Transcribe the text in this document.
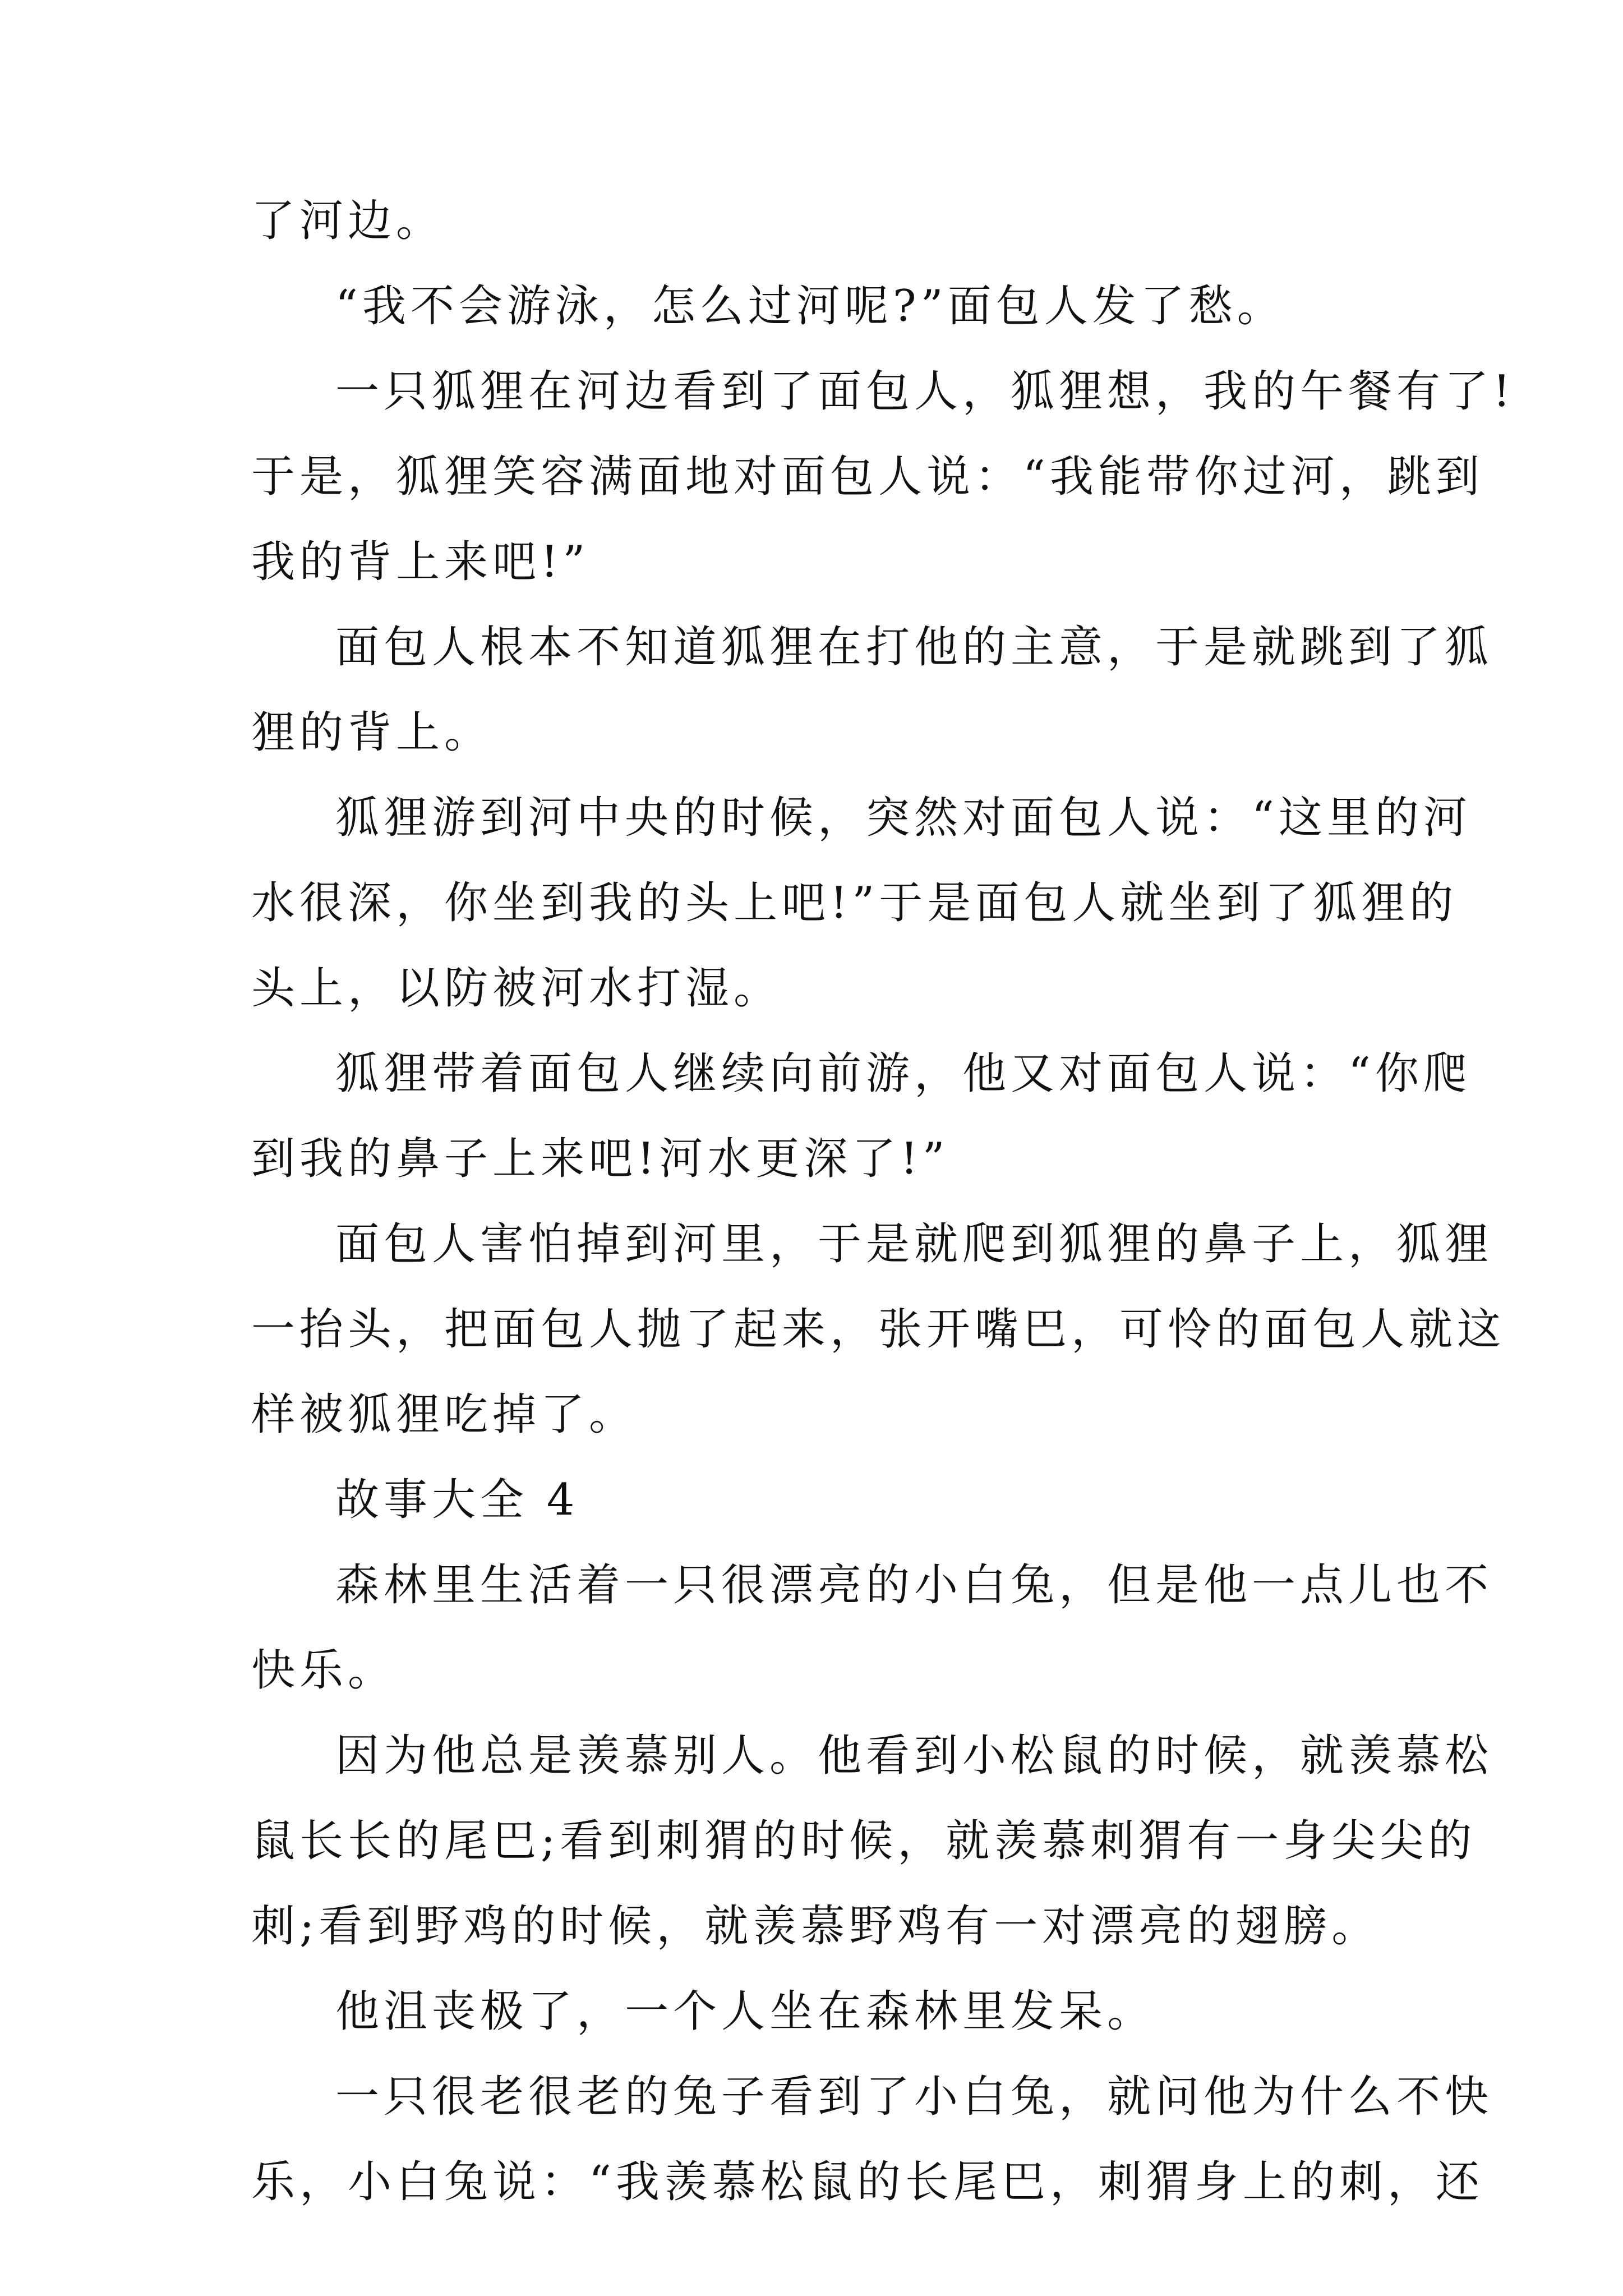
了河边。
“我不会游泳，怎么过河呢?”面包人发了愁。
一只狐狸在河边看到了面包人，狐狸想，我的午餐有了!
于是，狐狸笑容满面地对面包人说：“我能带你过河，跳到
我的背上来吧!”
面包人根本不知道狐狸在打他的主意，于是就跳到了狐
狸的背上。
狐狸游到河中央的时候，突然对面包人说：“这里的河
水很深，你坐到我的头上吧!”于是面包人就坐到了狐狸的
头上，以防被河水打湿。
狐狸带着面包人继续向前游，他又对面包人说：“你爬
到我的鼻子上来吧!河水更深了!”
面包人害怕掉到河里，于是就爬到狐狸的鼻子上，狐狸
一抬头，把面包人抛了起来，张开嘴巴，可怜的面包人就这
样被狐狸吃掉了。
故事大全 4
森林里生活着一只很漂亮的小白兔，但是他一点儿也不
快乐。
因为他总是羡慕别人。他看到小松鼠的时候，就羡慕松
鼠长长的尾巴;看到刺猬的时候，就羡慕刺猬有一身尖尖的
刺;看到野鸡的时候，就羡慕野鸡有一对漂亮的翅膀。
他沮丧极了，一个人坐在森林里发呆。
一只很老很老的兔子看到了小白兔，就问他为什么不快
乐，小白兔说：“我羡慕松鼠的长尾巴，刺猬身上的刺，还
